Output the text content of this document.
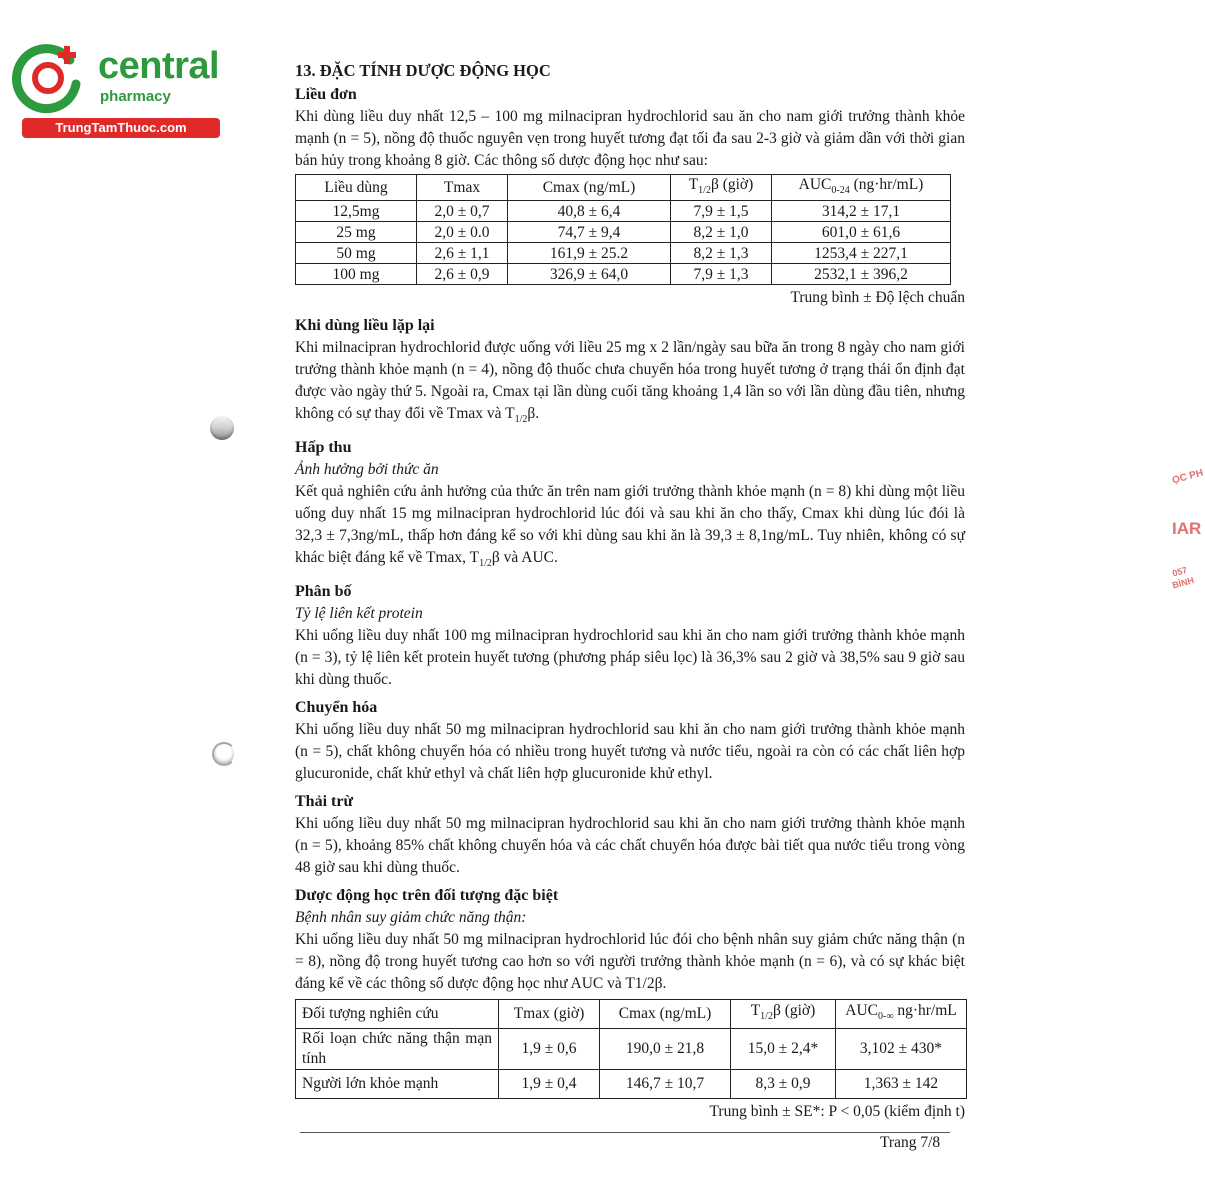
central
pharmacy
TrungTamThuoc.com
ỌC PH
IAR
057
BÌNH
13. ĐẶC TÍNH DƯỢC ĐỘNG HỌC
Liều đơn

Khi dùng liều duy nhất 12,5 – 100 mg milnacipran hydrochlorid sau ăn cho nam giới trưởng thành khỏe mạnh (n = 5), nồng độ thuốc nguyên vẹn trong huyết tương đạt tối đa sau 2-3 giờ và giảm dần với thời gian bán hủy trong khoảng 8 giờ. Các thông số dược động học như sau:

Liều dùng	Tmax	Cmax (ng/mL)	$T_{1/2}\beta$ (giờ)	$AUC_{0-24}$ (ng·hr/mL)
12,5mg	2,0 ± 0,7	40,8 ± 6,4	7,9 ± 1,5	314,2 ± 17,1
25 mg	2,0 ± 0.0	74,7 ± 9,4	8,2 ± 1,0	601,0 ± 61,6
50 mg	2,6 ± 1,1	161,9 ± 25.2	8,2 ± 1,3	1253,4 ± 227,1
100 mg	2,6 ± 0,9	326,9 ± 64,0	7,9 ± 1,3	2532,1 ± 396,2
Trung bình ± Độ lệch chuẩn
Khi dùng liều lặp lại

Khi milnacipran hydrochlorid được uống với liều 25 mg x 2 lần/ngày sau bữa ăn trong 8 ngày cho nam giới trưởng thành khỏe mạnh (n = 4), nồng độ thuốc chưa chuyển hóa trong huyết tương ở trạng thái ổn định đạt được vào ngày thứ 5. Ngoài ra, Cmax tại lần dùng cuối tăng khoảng 1,4 lần so với lần dùng đầu tiên, nhưng không có sự thay đổi về Tmax và $T_{1/2}\beta$.

Hấp thu
Ảnh hưởng bởi thức ăn

Kết quả nghiên cứu ảnh hưởng của thức ăn trên nam giới trưởng thành khỏe mạnh (n = 8) khi dùng một liều uống duy nhất 15 mg milnacipran hydrochlorid lúc đói và sau khi ăn cho thấy, Cmax khi dùng lúc đói là 32,3 ± 7,3ng/mL, thấp hơn đáng kể so với khi dùng sau khi ăn là 39,3 ± 8,1ng/mL. Tuy nhiên, không có sự khác biệt đáng kể về Tmax, $T_{1/2}\beta$ và AUC.

Phân bố
Tỷ lệ liên kết protein

Khi uống liều duy nhất 100 mg milnacipran hydrochlorid sau khi ăn cho nam giới trưởng thành khỏe mạnh (n = 3), tỷ lệ liên kết protein huyết tương (phương pháp siêu lọc) là 36,3% sau 2 giờ và 38,5% sau 9 giờ sau khi dùng thuốc.

Chuyển hóa

Khi uống liều duy nhất 50 mg milnacipran hydrochlorid sau khi ăn cho nam giới trưởng thành khỏe mạnh (n = 5), chất không chuyển hóa có nhiều trong huyết tương và nước tiểu, ngoài ra còn có các chất liên hợp glucuronide, chất khử ethyl và chất liên hợp glucuronide khử ethyl.

Thải trừ

Khi uống liều duy nhất 50 mg milnacipran hydrochlorid sau khi ăn cho nam giới trưởng thành khỏe mạnh (n = 5), khoảng 85% chất không chuyển hóa và các chất chuyển hóa được bài tiết qua nước tiểu trong vòng 48 giờ sau khi dùng thuốc.

Dược động học trên đối tượng đặc biệt
Bệnh nhân suy giảm chức năng thận:

Khi uống liều duy nhất 50 mg milnacipran hydrochlorid lúc đói cho bệnh nhân suy giảm chức năng thận (n = 8), nồng độ trong huyết tương cao hơn so với người trưởng thành khỏe mạnh (n = 6), và có sự khác biệt đáng kể về các thông số dược động học như AUC và T1/2β.

Đối tượng nghiên cứu	Tmax (giờ)	Cmax (ng/mL)	$T_{1/2}\beta$ (giờ)	$AUC_{0-\infty}$ ng·hr/mL
Rối loạn chức năng thận mạn tính	1,9 ± 0,6	190,0 ± 21,8	15,0 ± 2,4*	3,102 ± 430*
Người lớn khỏe mạnh	1,9 ± 0,4	146,7 ± 10,7	8,3 ± 0,9	1,363 ± 142
Trung bình ± SE*: P < 0,05 (kiểm định t)
Trang 7/8
